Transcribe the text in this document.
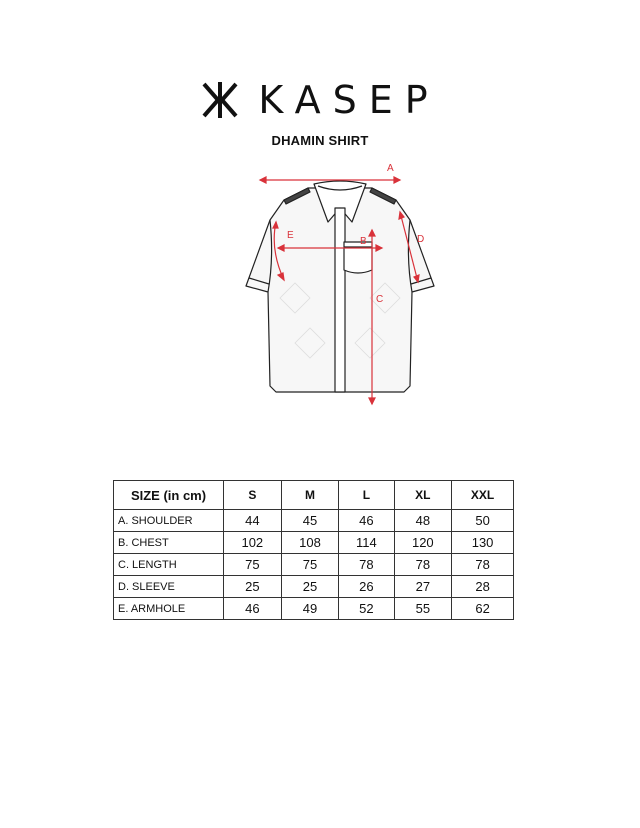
KASEP
DHAMIN SHIRT
A
B
C
D
E
SIZE (in cm)	S	M	L	XL	XXL
A. SHOULDER	44	45	46	48	50
B. CHEST	102	108	114	120	130
C. LENGTH	75	75	78	78	78
D. SLEEVE	25	25	26	27	28
E. ARMHOLE	46	49	52	55	62
